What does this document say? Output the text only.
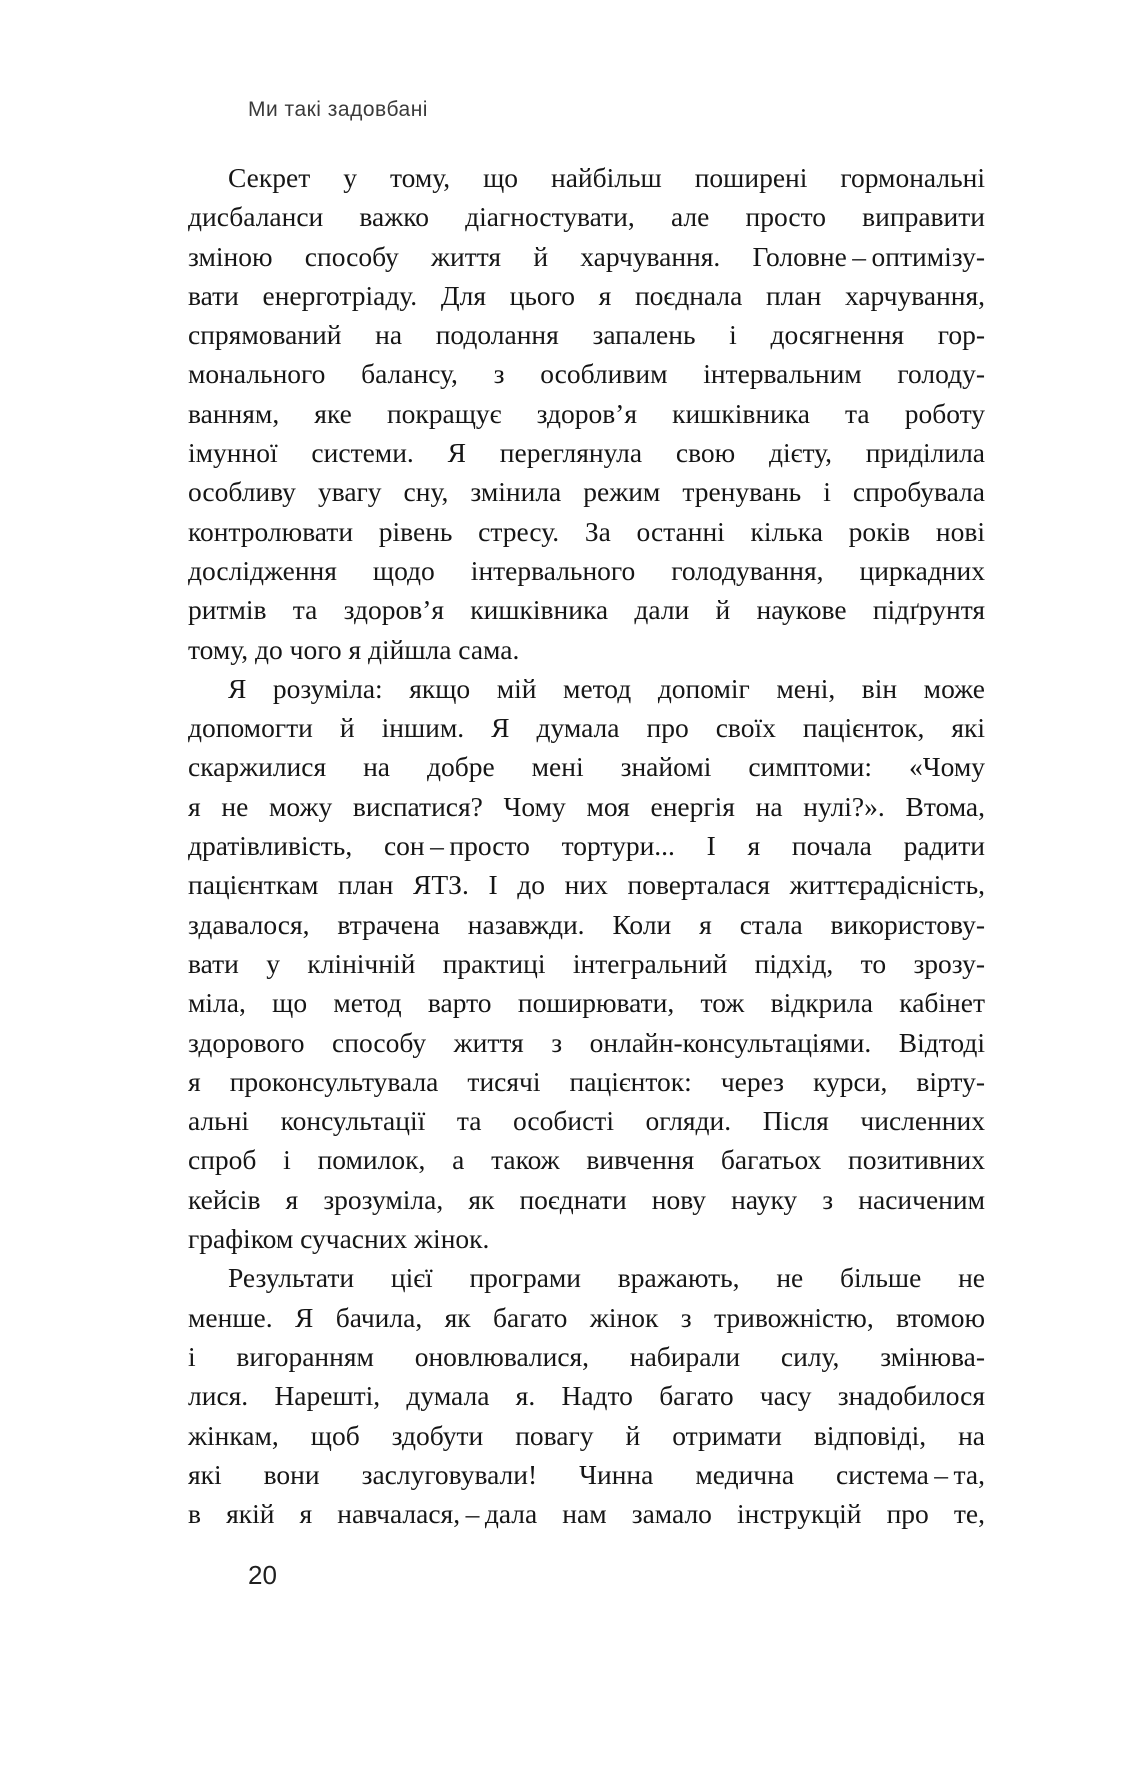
Ми такі задовбані

Секрет у тому, що найбільш поширені гормональні
дисбаланси важко діагностувати, але просто виправити
зміною способу життя й харчування. Головне – оптимізу-
вати енерготріаду. Для цього я поєднала план харчування,
спрямований на подолання запалень і досягнення гор-
монального балансу, з особливим інтервальним голоду-
ванням, яке покращує здоров’я кишківника та роботу
імунної системи. Я переглянула свою дієту, приділила
особливу увагу сну, змінила режим тренувань і спробувала
контролювати рівень стресу. За останні кілька років нові
дослідження щодо інтервального голодування, циркадних
ритмів та здоров’я кишківника дали й наукове підґрунтя
тому, до чого я дійшла сама.

Я розуміла: якщо мій метод допоміг мені, він може
допомогти й іншим. Я думала про своїх пацієнток, які
скаржилися на добре мені знайомі симптоми: «Чому
я не можу виспатися? Чому моя енергія на нулі?». Втома,
дратівливість, сон – просто тортури... І я почала радити
пацієнткам план ЯТЗ. І до них поверталася життєрадісність,
здавалося, втрачена назавжди. Коли я стала використову-
вати у клінічній практиці інтегральний підхід, то зрозу-
міла, що метод варто поширювати, тож відкрила кабінет
здорового способу життя з онлайн-консультаціями. Відтоді
я проконсультувала тисячі пацієнток: через курси, вірту-
альні консультації та особисті огляди. Після численних
спроб і помилок, а також вивчення багатьох позитивних
кейсів я зрозуміла, як поєднати нову науку з насиченим
графіком сучасних жінок.

Результати цієї програми вражають, не більше не
менше. Я бачила, як багато жінок з тривожністю, втомою
і вигоранням оновлювалися, набирали силу, змінюва-
лися. Нарешті, думала я. Надто багато часу знадобилося
жінкам, щоб здобути повагу й отримати відповіді, на
які вони заслуговували! Чинна медична система – та,
в якій я навчалася, – дала нам замало інструкцій про те,

20
